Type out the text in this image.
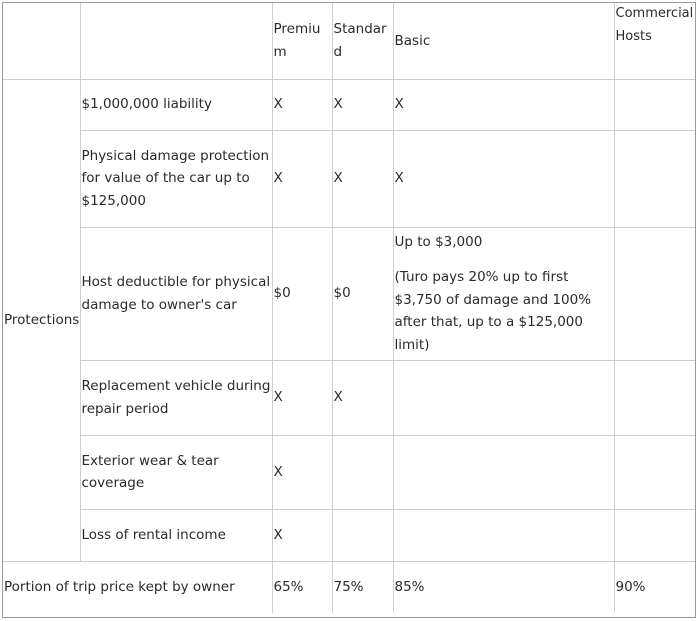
		Premium	Standard	Basic	Commercial Hosts
Protections	$1,000,000 liability	X	X	X	
	Physical damage protection for value of the car up to $125,000	X	X	X	
	Host deductible for physical damage to owner's car	$0	$0	Up to $3,000
(Turo pays 20% up to first $3,750 of damage and 100% after that, up to a $125,000 limit)	

	Replacement vehicle during repair period	X	X		
	Exterior wear & tear coverage	X			
	Loss of rental income	X			
Portion of trip price kept by owner		65%	75%	85%	90%
